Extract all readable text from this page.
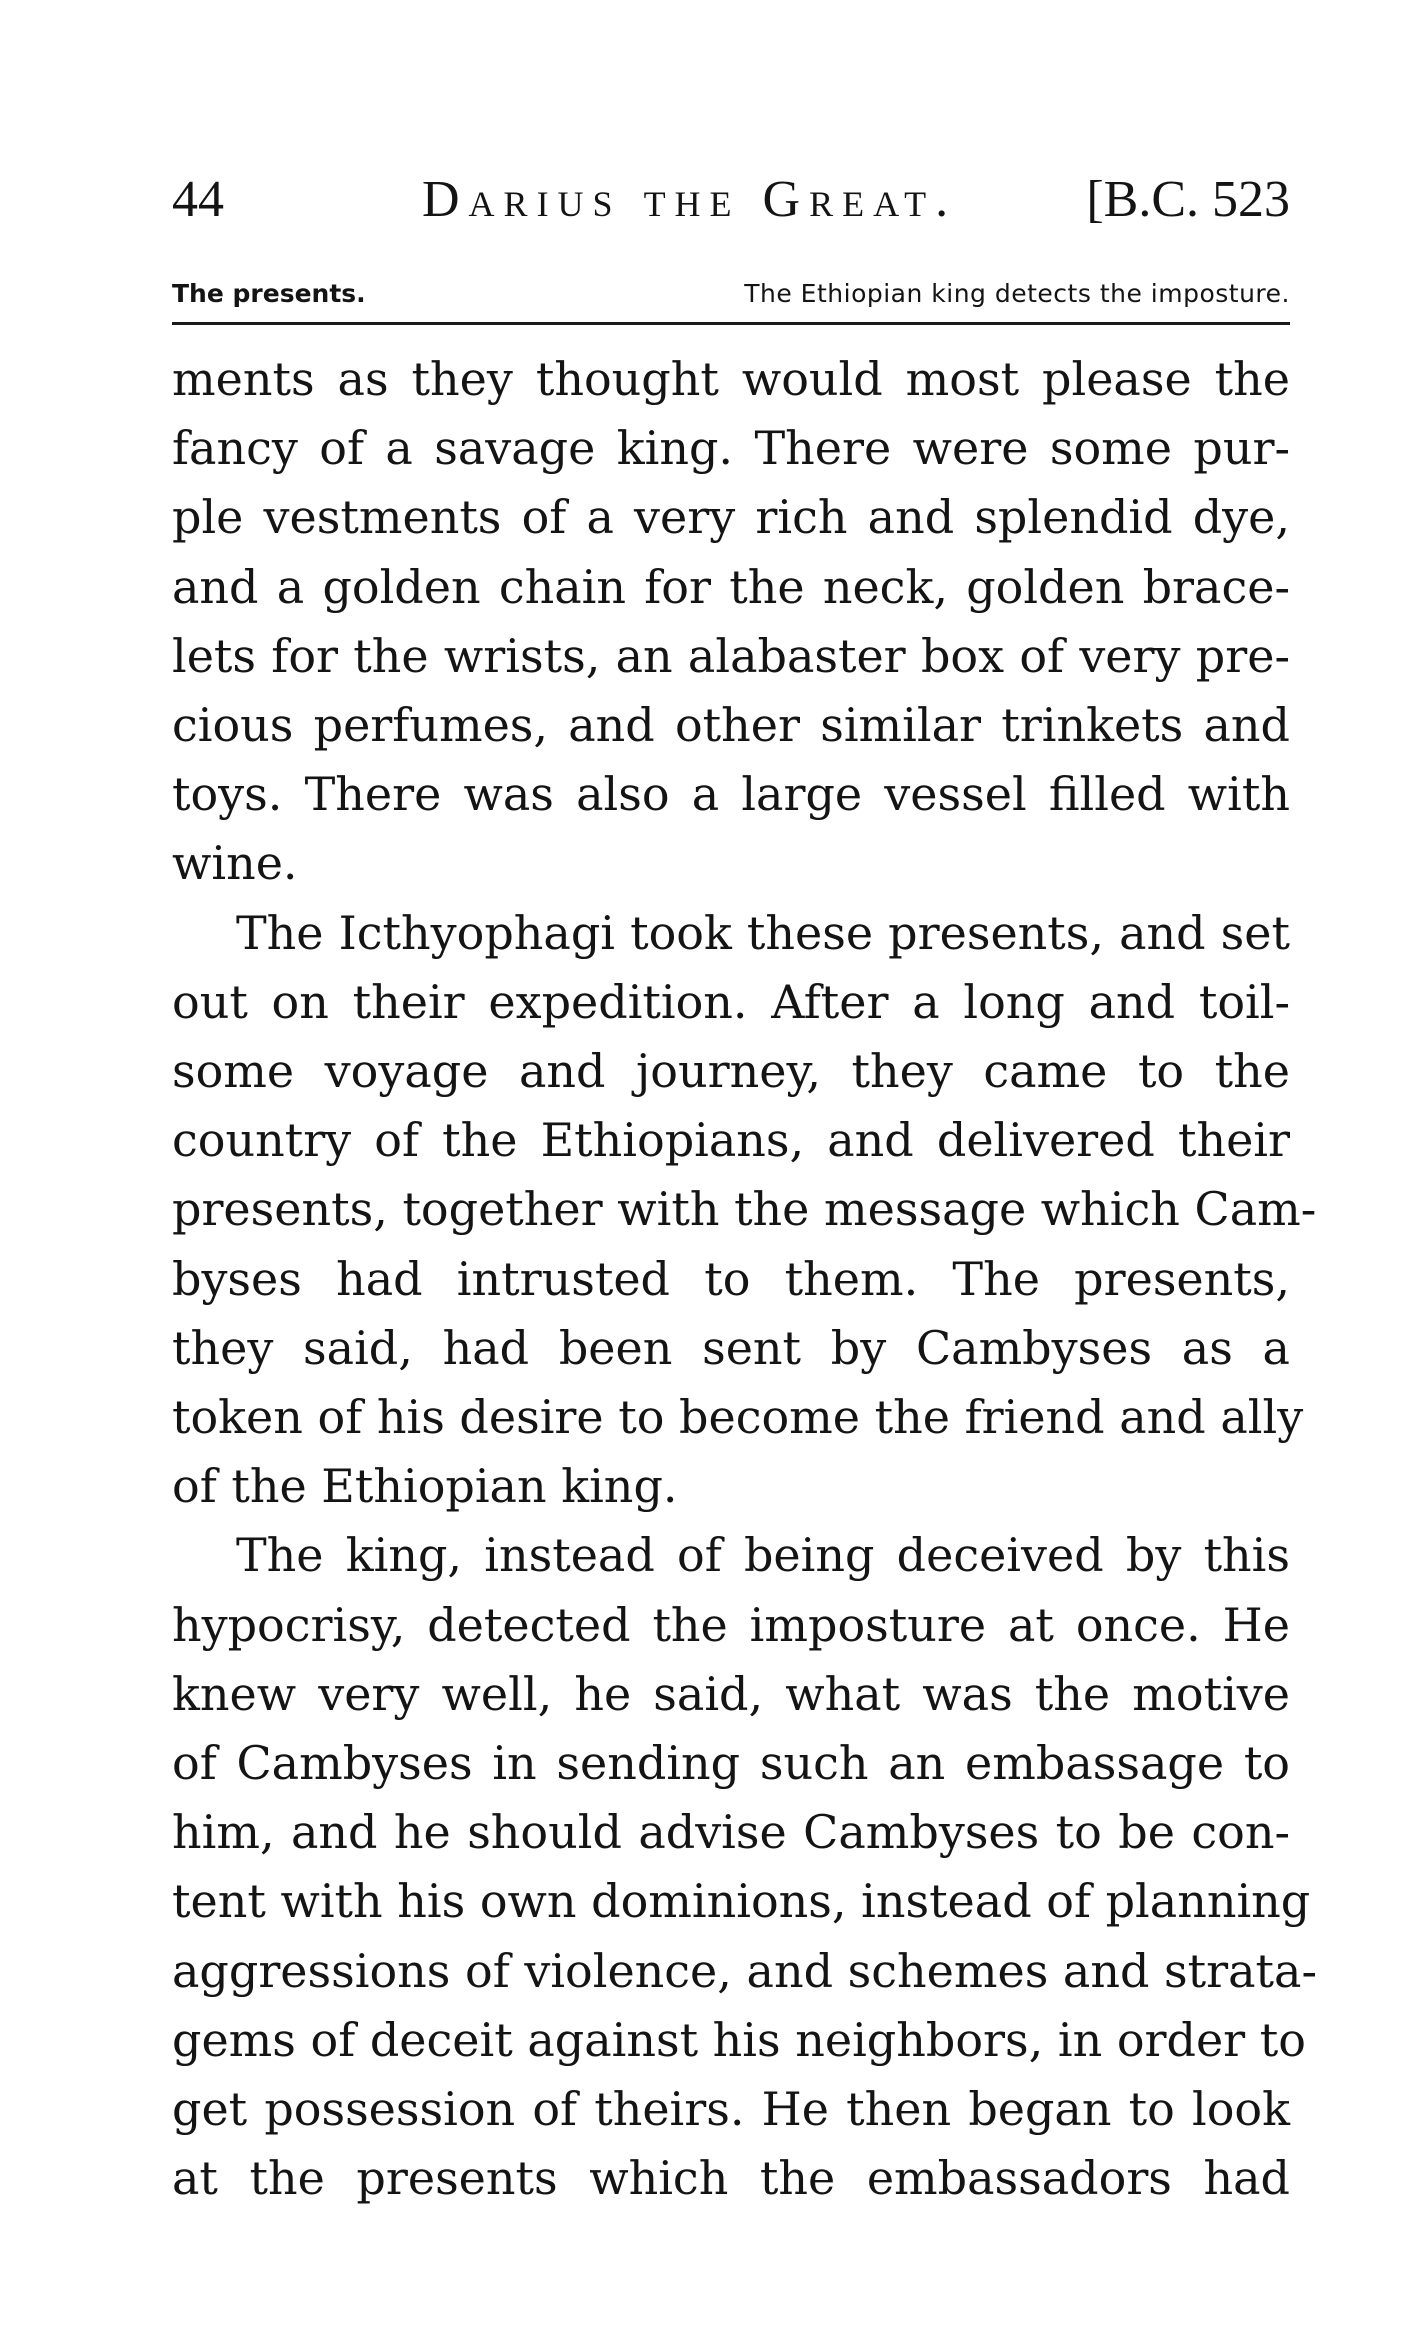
44	Darius the Great. [B.C. 523
The presents.	The Ethiopian king detects the imposture.

ments as they thought would most please the
fancy of a savage king. There were some pur-
ple vestments of a very rich and splendid dye,
and a golden chain for the neck, golden brace-
lets for the wrists, an alabaster box of very pre-
cious perfumes, and other similar trinkets and
toys. There was also a large vessel filled with
wine.

The Icthyophagi took these presents, and set
out on their expedition. After a long and toil-
some voyage and journey, they came to the
country of the Ethiopians, and delivered their
presents, together with the message which Cam-
byses had intrusted to them. The presents,
they said, had been sent by Cambyses as a
token of his desire to become the friend and ally
of the Ethiopian king.

The king, instead of being deceived by this
hypocrisy, detected the imposture at once. He
knew very well, he said, what was the motive
of Cambyses in sending such an embassage to
him, and he should advise Cambyses to be con-
tent with his own dominions, instead of planning
aggressions of violence, and schemes and strata-
gems of deceit against his neighbors, in order to
get possession of theirs. He then began to look
at the presents which the embassadors had
